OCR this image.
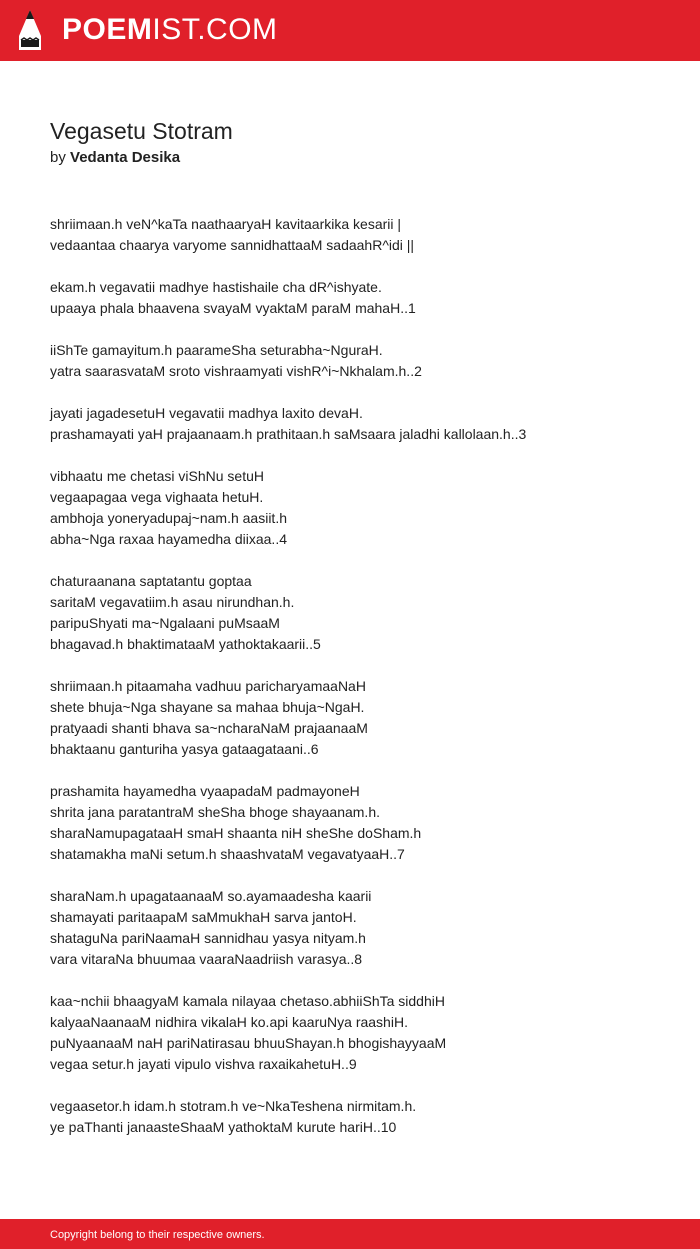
POEMIST.COM
Vegasetu Stotram
by Vedanta Desika
shriimaan.h veN^kaTa naathaaryaH kavitaarkika kesarii |
vedaantaa chaarya varyome sannidhattaaM sadaahR^idi ||
ekam.h vegavatii madhye hastishaile cha dR^ishyate.
upaaya phala bhaavena svayaM vyaktaM paraM mahaH..1
iiShTe gamayitum.h paarameSha seturabha~NguraH.
yatra saarasvataM sroto vishraamyati vishR^i~Nkhalam.h..2
jayati jagadesetuH vegavatii madhya laxito devaH.
prashamayati yaH prajaanaam.h prathitaan.h saMsaara jaladhi kallolaan.h..3
vibhaatu me chetasi viShNu setuH
vegaapagaa vega vighaata hetuH.
ambhoja yoneryadupaj~nam.h aasiit.h
abha~Nga raxaa hayamedha diixaa..4
chaturaanana saptatantu goptaa
saritaM vegavatiim.h asau nirundhan.h.
paripuShyati ma~Ngalaani puMsaaM
bhagavad.h bhaktimataaM yathoktakaarii..5
shriimaan.h pitaamaha vadhuu paricharyamaaNaH
shete bhuja~Nga shayane sa mahaa bhuja~NgaH.
pratyaadi shanti bhava sa~ncharaNaM prajaanaaM
bhaktaanu ganturiha yasya gataagataani..6
prashamita hayamedha vyaapadaM padmayoneH
shrita jana paratantraM sheSha bhoge shayaanam.h.
sharaNamupagataaH smaH shaanta niH sheShe doSham.h
shatamakha maNi setum.h shaashvataM vegavatyaaH..7
sharaNam.h upagataanaaM so.ayamaadesha kaarii
shamayati paritaapaM saMmukhaH sarva jantoH.
shataguNa pariNaamaH sannidhau yasya nityam.h
vara vitaraNa bhuumaa vaaraNaadriish varasya..8
kaa~nchii bhaagyaM kamala nilayaa chetaso.abhiiShTa siddhiH
kalyaaNaanaaM nidhira vikalaH ko.api kaaruNya raashiH.
puNyaanaaM naH pariNatirasau bhuuShayan.h bhogishayyaaM
vegaa setur.h jayati vipulo vishva raxaikahetuH..9
vegaasetor.h idam.h stotram.h ve~NkaTeshena nirmitam.h.
ye paThanti janaasteShaaM yathoktaM kurute hariH..10
Copyright belong to their respective owners.
